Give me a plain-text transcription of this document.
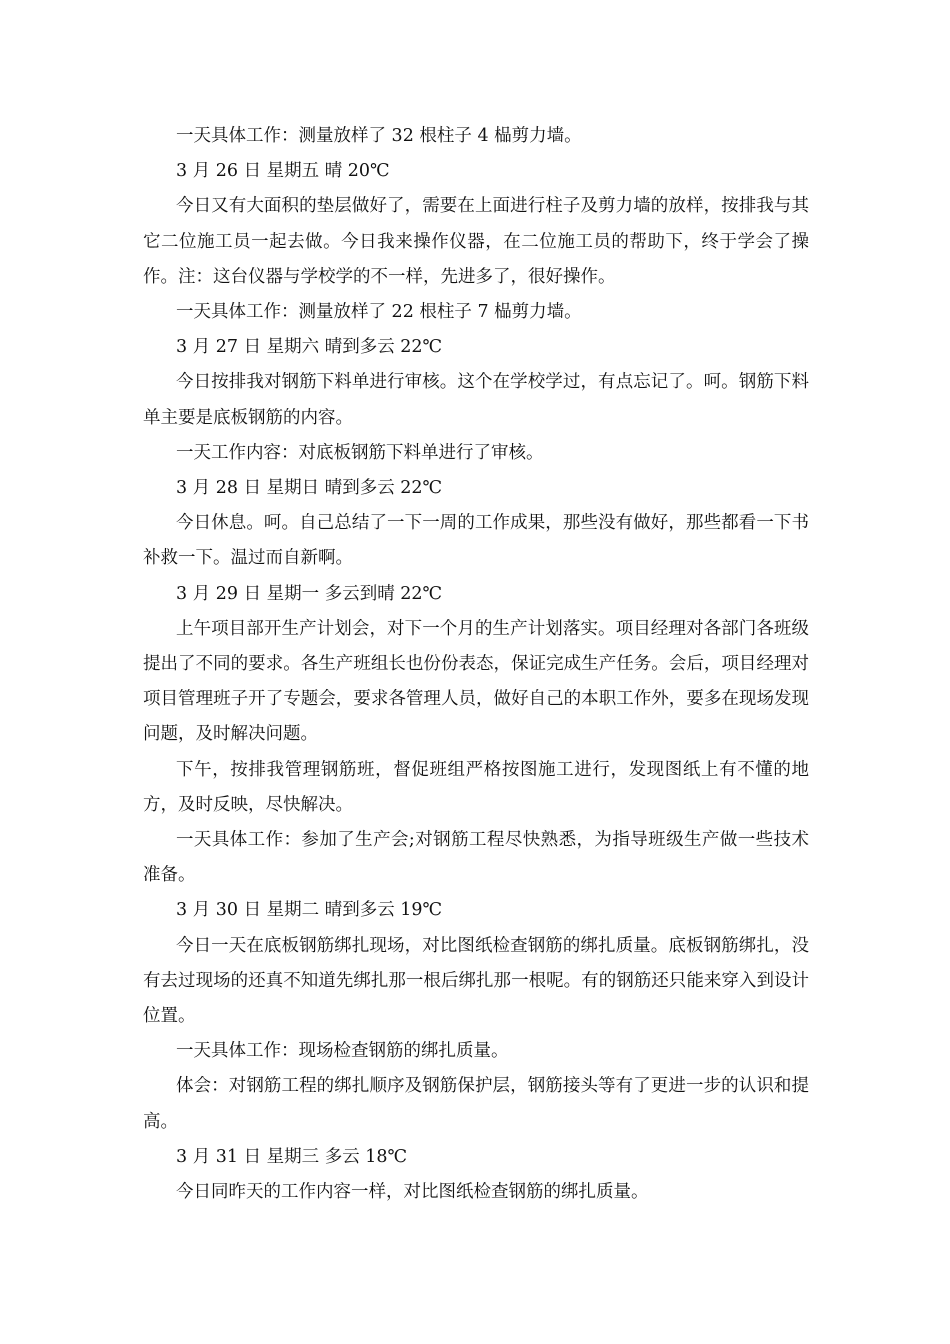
一天具体工作：测量放样了 32 根柱子 4 榀剪力墙。

3 月 26 日 星期五 晴 20℃

今日又有大面积的垫层做好了，需要在上面进行柱子及剪力墙的放样，按排我与其它二位施工员一起去做。今日我来操作仪器，在二位施工员的帮助下，终于学会了操作。注：这台仪器与学校学的不一样，先进多了，很好操作。

一天具体工作：测量放样了 22 根柱子 7 榀剪力墙。

3 月 27 日 星期六 晴到多云 22℃

今日按排我对钢筋下料单进行审核。这个在学校学过，有点忘记了。呵。钢筋下料单主要是底板钢筋的内容。

一天工作内容：对底板钢筋下料单进行了审核。

3 月 28 日 星期日 晴到多云 22℃

今日休息。呵。自己总结了一下一周的工作成果，那些没有做好，那些都看一下书补救一下。温过而自新啊。

3 月 29 日 星期一 多云到晴 22℃

上午项目部开生产计划会，对下一个月的生产计划落实。项目经理对各部门各班级提出了不同的要求。各生产班组长也份份表态，保证完成生产任务。会后，项目经理对项目管理班子开了专题会，要求各管理人员，做好自己的本职工作外，要多在现场发现问题，及时解决问题。

下午，按排我管理钢筋班，督促班组严格按图施工进行，发现图纸上有不懂的地方，及时反映，尽快解决。

一天具体工作：参加了生产会;对钢筋工程尽快熟悉，为指导班级生产做一些技术准备。

3 月 30 日 星期二 晴到多云 19℃

今日一天在底板钢筋绑扎现场，对比图纸检查钢筋的绑扎质量。底板钢筋绑扎，没有去过现场的还真不知道先绑扎那一根后绑扎那一根呢。有的钢筋还只能来穿入到设计位置。

一天具体工作：现场检查钢筋的绑扎质量。

体会：对钢筋工程的绑扎顺序及钢筋保护层，钢筋接头等有了更进一步的认识和提高。

3 月 31 日 星期三 多云 18℃

今日同昨天的工作内容一样，对比图纸检查钢筋的绑扎质量。
